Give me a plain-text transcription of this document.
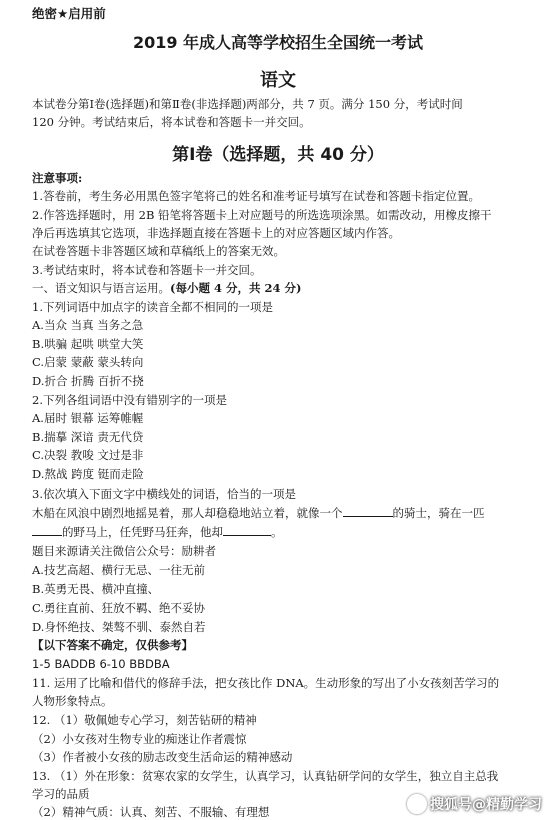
绝密★启用前
2019 年成人高等学校招生全国统一考试
语文
本试卷分第Ⅰ卷(选择题)和第Ⅱ卷(非选择题)两部分，共 7 页。满分 150 分，考试时间
120 分钟。考试结束后，将本试卷和答题卡一并交回。
第Ⅰ卷（选择题，共 40 分）
注意事项:
1.答卷前，考生务必用黑色签字笔将己的姓名和准考证号填写在试卷和答题卡指定位置。
2.作答选择题时，用 2B 铅笔将答题卡上对应题号的所选选项涂黑。如需改动，用橡皮擦干
净后再选填其它选项，非选择题直接在答题卡上的对应答题区域内作答。
在试卷答题卡非答题区域和草稿纸上的答案无效。
3.考试结束时，将本试卷和答题卡一并交回。
一、语文知识与语言运用。(每小题 4 分，共 24 分)
1.下列词语中加点字的读音全都不相同的一项是
A.当众 当真 当务之急
B.哄骗 起哄 哄堂大笑
C.启蒙 蒙蔽 蒙头转向
D.折合 折腾 百折不挠
2.下列各组词语中没有错别字的一项是
A.届时 银幕 运筹帷幄
B.揣摹 深谙 责无代贷
C.决裂 教唆 文过是非
D.熬战 跨度 铤而走险
3.依次填入下面文字中横线处的词语，恰当的一项是
木船在风浪中剧烈地摇晃着，那人却稳稳地站立着，就像一个	的骑士，骑在一匹
的野马上，任凭野马狂奔，他却	。
题目来源请关注微信公众号：励耕者
A.技艺高超、横行无忌、一往无前
B.英勇无畏、横冲直撞、
C.勇往直前、狂放不羁、绝不妥协
D.身怀绝技、桀骜不驯、泰然自若
【以下答案不确定，仅供参考】
1-5 BADDB 6-10 BBDBA
11. 运用了比喻和借代的修辞手法，把女孩比作 DNA。生动形象的写出了小女孩刻苦学习的
人物形象特点。
12. （1）敬佩她专心学习，刻苦钻研的精神
（2）小女孩对生物专业的痴迷让作者震惊
（3）作者被小女孩的励志改变生活命运的精神感动
13. （1）外在形象：贫寒农家的女学生，认真学习，认真钻研学问的女学生，独立自主总我
学习的品质
（2）精神气质：认真、刻苦、不服输、有理想	搜狐号@精勤学习
